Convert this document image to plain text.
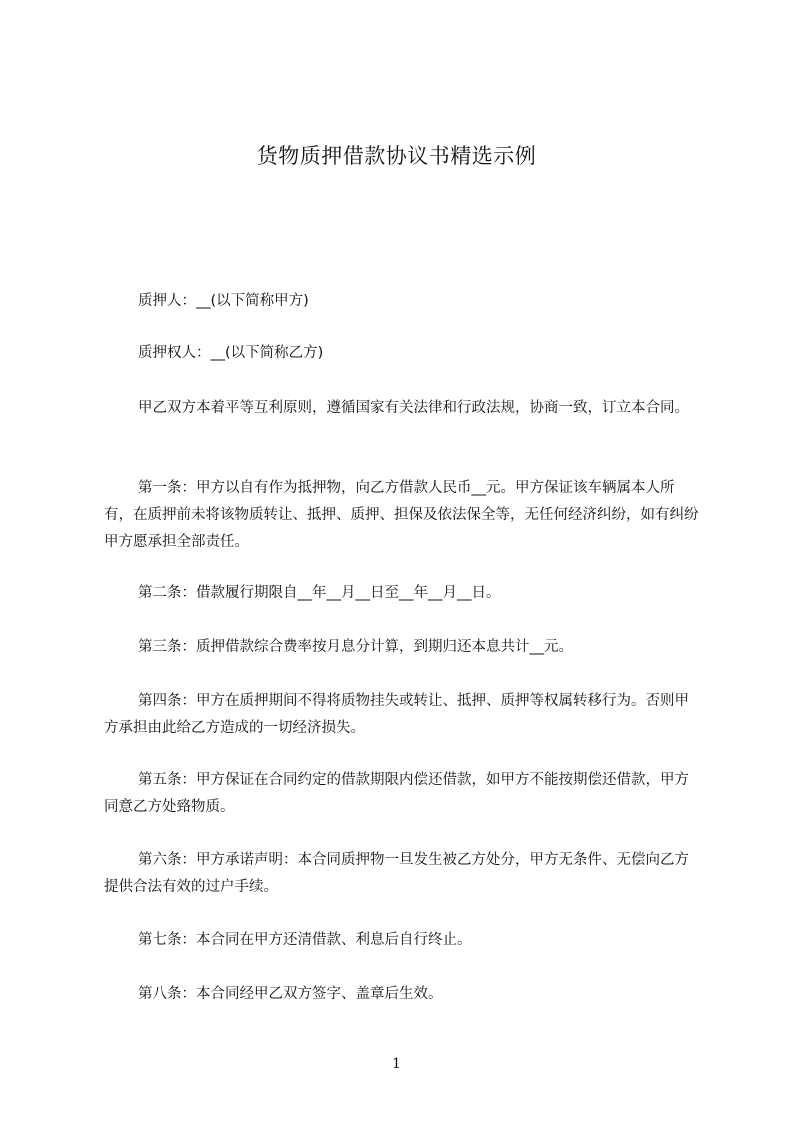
货物质押借款协议书精选示例

质押人：__(以下简称甲方)

质押权人：__(以下简称乙方)

甲乙双方本着平等互利原则，遵循国家有关法律和行政法规，协商一致，订立本合同。

第一条：甲方以自有作为抵押物，向乙方借款人民币__元。甲方保证该车辆属本人所有，在质押前未将该物质转让、抵押、质押、担保及依法保全等，无任何经济纠纷，如有纠纷甲方愿承担全部责任。

第二条：借款履行期限自__年__月__日至__年__月__日。

第三条：质押借款综合费率按月息分计算，到期归还本息共计__元。

第四条：甲方在质押期间不得将质物挂失或转让、抵押、质押等权属转移行为。否则甲方承担由此给乙方造成的一切经济损失。

第五条：甲方保证在合同约定的借款期限内偿还借款，如甲方不能按期偿还借款，甲方同意乙方处臵物质。

第六条：甲方承诺声明：本合同质押物一旦发生被乙方处分，甲方无条件、无偿向乙方提供合法有效的过户手续。

第七条：本合同在甲方还清借款、利息后自行终止。

第八条：本合同经甲乙双方签字、盖章后生效。

1
